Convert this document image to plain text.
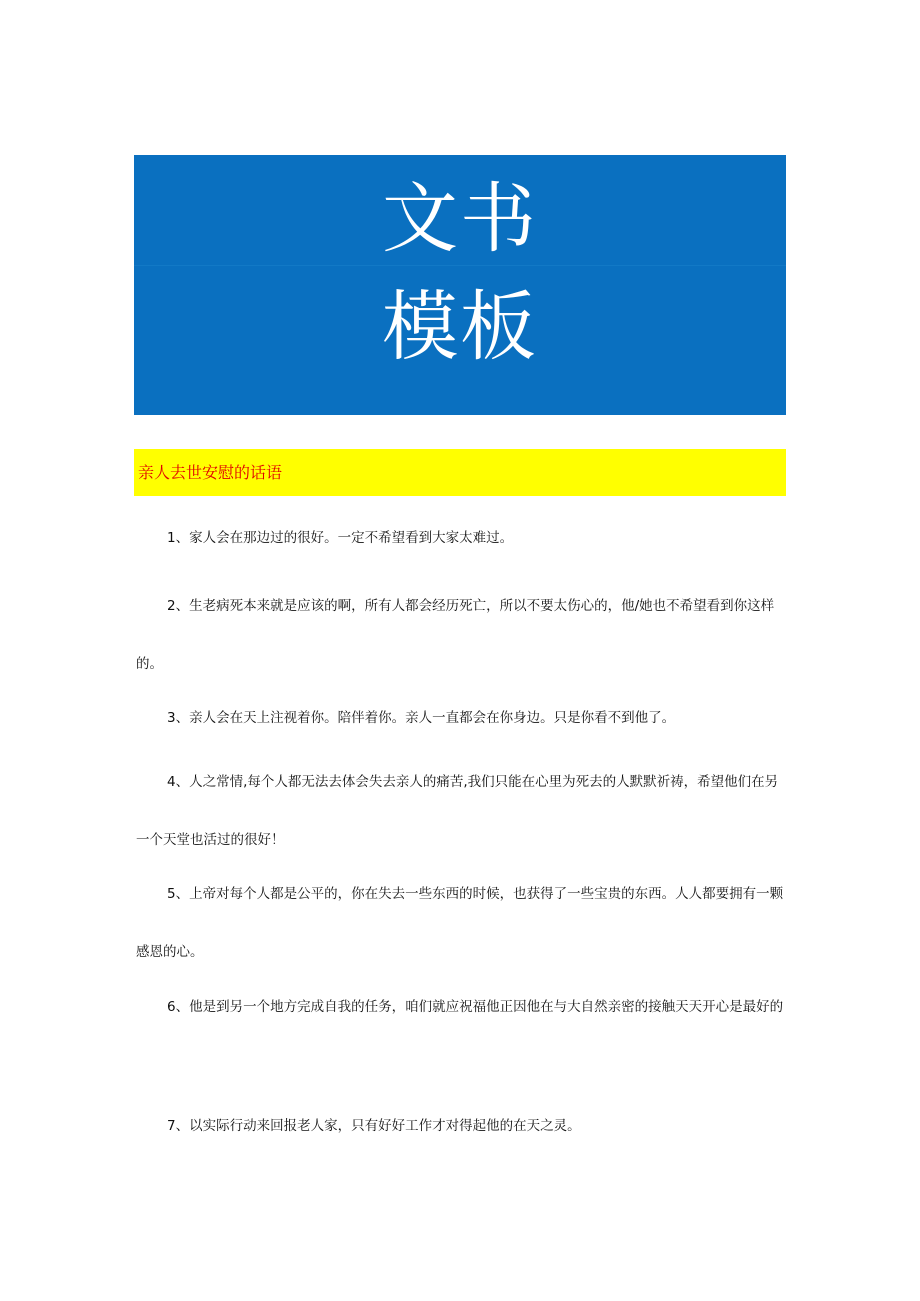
文书
模板
亲人去世安慰的话语
1、家人会在那边过的很好。一定不希望看到大家太难过。
2、生老病死本来就是应该的啊，所有人都会经历死亡，所以不要太伤心的，他/她也不希望看到你这样的。
3、亲人会在天上注视着你。陪伴着你。亲人一直都会在你身边。只是你看不到他了。
4、人之常情,每个人都无法去体会失去亲人的痛苦,我们只能在心里为死去的人默默祈祷，希望他们在另一个天堂也活过的很好！
5、上帝对每个人都是公平的，你在失去一些东西的时候，也获得了一些宝贵的东西。人人都要拥有一颗感恩的心。
6、他是到另一个地方完成自我的任务，咱们就应祝福他正因他在与大自然亲密的接触天天开心是最好的
7、以实际行动来回报老人家，只有好好工作才对得起他的在天之灵。
